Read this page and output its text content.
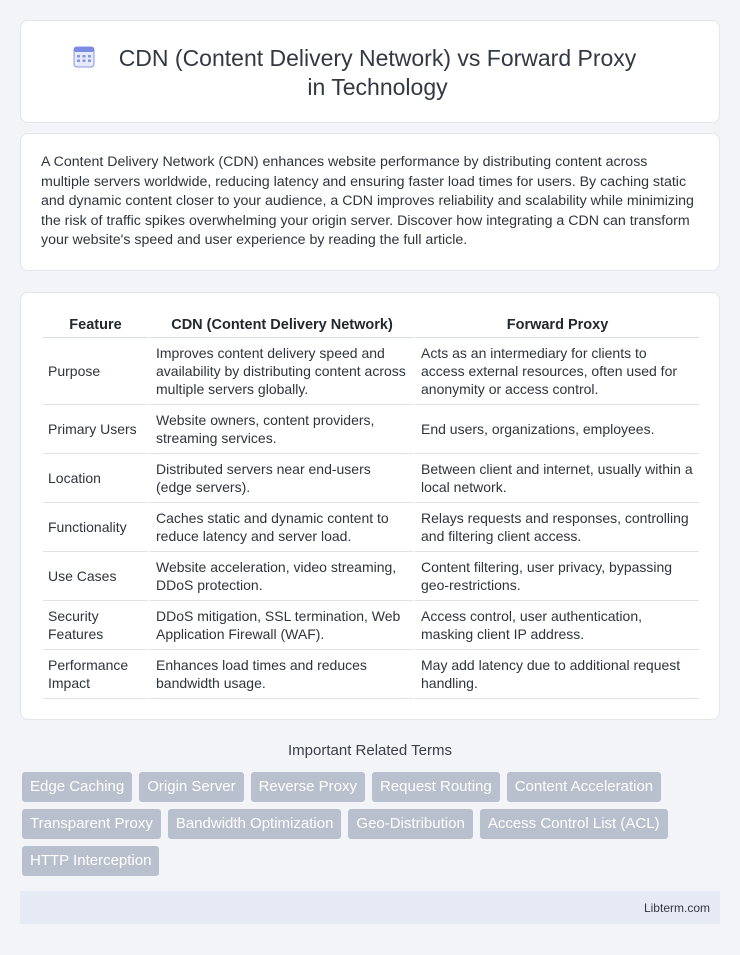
CDN (Content Delivery Network) vs Forward Proxy in Technology

A Content Delivery Network (CDN) enhances website performance by distributing content across multiple servers worldwide, reducing latency and ensuring faster load times for users. By caching static and dynamic content closer to your audience, a CDN improves reliability and scalability while minimizing the risk of traffic spikes overwhelming your origin server. Discover how integrating a CDN can transform your website's speed and user experience by reading the full article.

Feature	CDN (Content Delivery Network)	Forward Proxy
Purpose	Improves content delivery speed and availability by distributing content across multiple servers globally.	Acts as an intermediary for clients to access external resources, often used for anonymity or access control.
Primary Users	Website owners, content providers, streaming services.	End users, organizations, employees.
Location	Distributed servers near end-users (edge servers).	Between client and internet, usually within a local network.
Functionality	Caches static and dynamic content to reduce latency and server load.	Relays requests and responses, controlling and filtering client access.
Use Cases	Website acceleration, video streaming, DDoS protection.	Content filtering, user privacy, bypassing geo-restrictions.
Security Features	DDoS mitigation, SSL termination, Web Application Firewall (WAF).	Access control, user authentication, masking client IP address.
Performance Impact	Enhances load times and reduces bandwidth usage.	May add latency due to additional request handling.
Important Related Terms
Edge Caching	Origin Server	Reverse Proxy	Request Routing	Content Acceleration
Transparent Proxy	Bandwidth Optimization	Geo-Distribution	Access Control List (ACL)
HTTP Interception
Libterm.com
